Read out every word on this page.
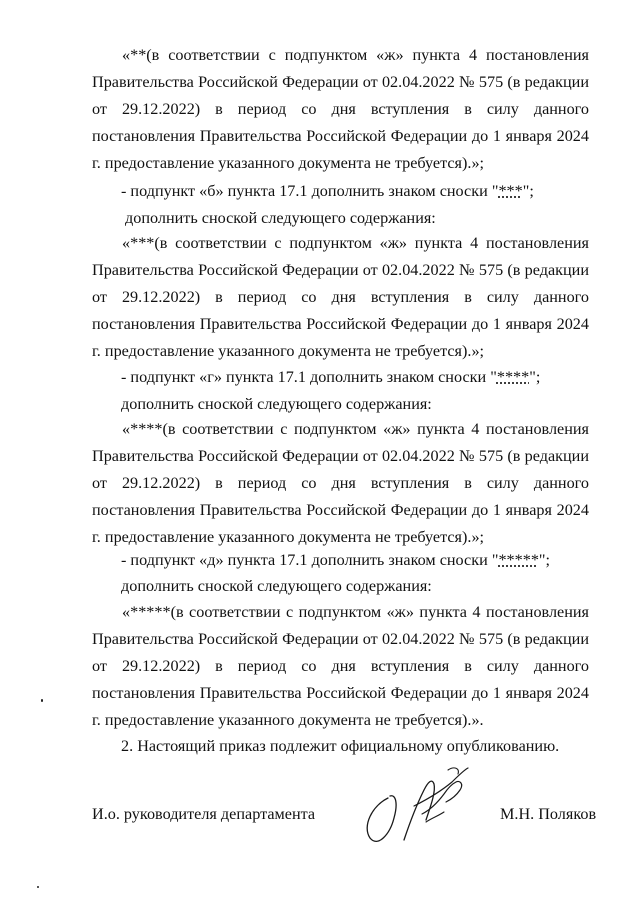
«**(в соответствии с подпунктом «ж» пункта 4 постановления Правительства Российской Федерации от 02.04.2022 № 575 (в редакции от 29.12.2022) в период со дня вступления в силу данного постановления Правительства Российской Федерации до 1 января 2024 г. предоставление указанного документа не требуется).»;
- подпункт «б» пункта 17.1 дополнить знаком сноски "***";
дополнить сноской следующего содержания:
«***(в соответствии с подпунктом «ж» пункта 4 постановления Правительства Российской Федерации от 02.04.2022 № 575 (в редакции от 29.12.2022) в период со дня вступления в силу данного постановления Правительства Российской Федерации до 1 января 2024 г. предоставление указанного документа не требуется).»;
- подпункт «г» пункта 17.1 дополнить знаком сноски "****";
дополнить сноской следующего содержания:
«****(в соответствии с подпунктом «ж» пункта 4 постановления Правительства Российской Федерации от 02.04.2022 № 575 (в редакции от 29.12.2022) в период со дня вступления в силу данного постановления Правительства Российской Федерации до 1 января 2024 г. предоставление указанного документа не требуется).»;
- подпункт «д» пункта 17.1 дополнить знаком сноски "*****";
дополнить сноской следующего содержания:
«*****(в соответствии с подпунктом «ж» пункта 4 постановления Правительства Российской Федерации от 02.04.2022 № 575 (в редакции от 29.12.2022) в период со дня вступления в силу данного постановления Правительства Российской Федерации до 1 января 2024 г. предоставление указанного документа не требуется).».
2. Настоящий приказ подлежит официальному опубликованию.
И.о. руководителя департамента	М.Н. Поляков
